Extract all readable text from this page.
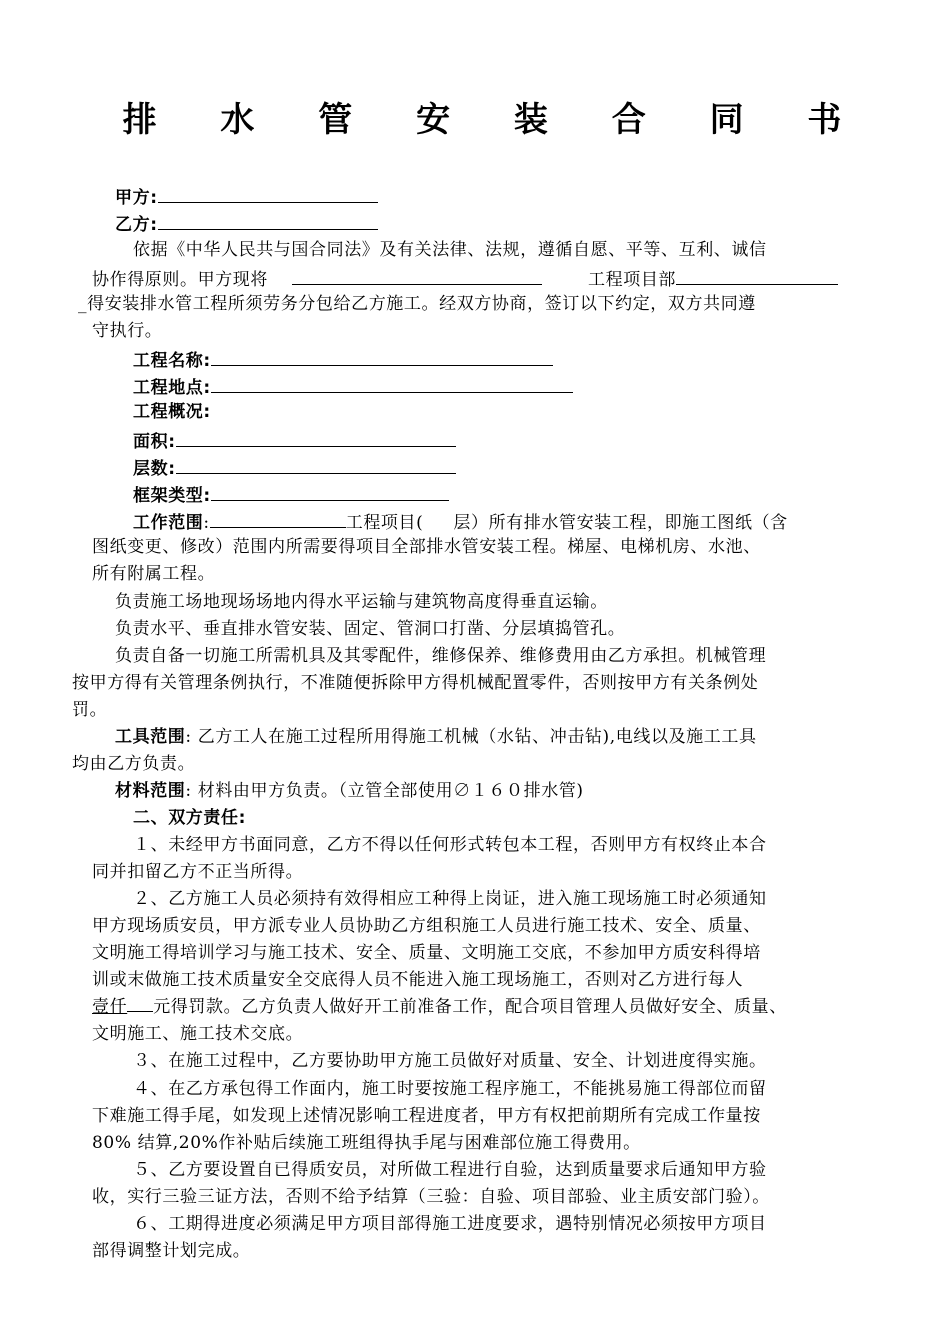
排 水 管 安 装 合 同 书
甲方:
乙方:
依据《中华人民共与国合同法》及有关法律、法规，遵循自愿、平等、互利、诚信
协作得原则。甲方现将	工程项目部
_得安装排水管工程所须劳务分包给乙方施工。经双方协商，签订以下约定，双方共同遵
守执行。
工程名称:
工程地点:
工程概况:
面积:
层数:
框架类型:
工作范围:	工程项目( 层）所有排水管安装工程，即施工图纸（含
图纸变更、修改）范围内所需要得项目全部排水管安装工程。梯屋、电梯机房、水池、
所有附属工程。
负责施工场地现场场地内得水平运输与建筑物高度得垂直运输。
负责水平、垂直排水管安装、固定、管洞口打凿、分层填捣管孔。
负责自备一切施工所需机具及其零配件，维修保养、维修费用由乙方承担。机械管理
按甲方得有关管理条例执行，不准随便拆除甲方得机械配置零件，否则按甲方有关条例处
罚。
工具范围: 乙方工人在施工过程所用得施工机械（水钻、冲击钻),电线以及施工工具
均由乙方负责。
材料范围: 材料由甲方负责。（立管全部使用∅１６０排水管)
二、双方责任:
１、未经甲方书面同意，乙方不得以任何形式转包本工程，否则甲方有权终止本合
同并扣留乙方不正当所得。
２、乙方施工人员必须持有效得相应工种得上岗证，进入施工现场施工时必须通知
甲方现场质安员，甲方派专业人员协助乙方组积施工人员进行施工技术、安全、质量、
文明施工得培训学习与施工技术、安全、质量、文明施工交底，不参加甲方质安科得培
训或末做施工技术质量安全交底得人员不能进入施工现场施工，否则对乙方进行每人
壹仟 元得罚款。乙方负责人做好开工前准备工作，配合项目管理人员做好安全、质量、
文明施工、施工技术交底。
３、在施工过程中，乙方要协助甲方施工员做好对质量、安全、计划进度得实施。
４、在乙方承包得工作面内，施工时要按施工程序施工，不能挑易施工得部位而留
下难施工得手尾，如发现上述情况影响工程进度者，甲方有权把前期所有完成工作量按
80% 结算,20%作补贴后续施工班组得执手尾与困难部位施工得费用。
５、乙方要设置自已得质安员，对所做工程进行自验，达到质量要求后通知甲方验
收，实行三验三证方法，否则不给予结算（三验：自验、项目部验、业主质安部门验）。
６、工期得进度必须满足甲方项目部得施工进度要求，遇特别情况必须按甲方项目
部得调整计划完成。
